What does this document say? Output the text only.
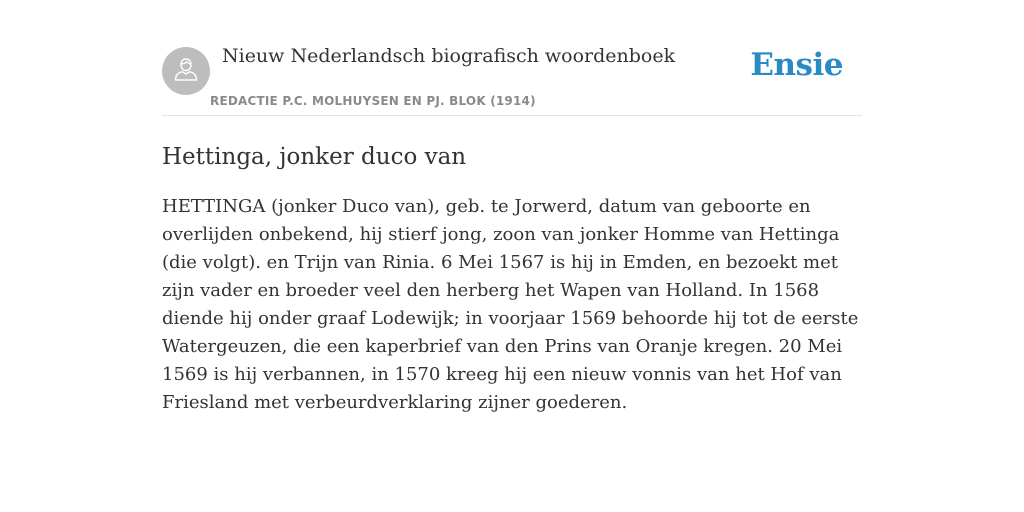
Nieuw Nederlandsch biografisch woordenboek
REDACTIE P.C. MOLHUYSEN EN PJ. BLOK (1914)
Ensie
Hettinga, jonker duco van

HETTINGA (jonker Duco van), geb. te Jorwerd, datum van geboorte en overlijden onbekend, hij stierf jong, zoon van jonker Homme van Hettinga (die volgt). en Trijn van Rinia. 6 Mei 1567 is hij in Emden, en bezoekt met zijn vader en broeder veel den herberg het Wapen van Holland. In 1568 diende hij onder graaf Lodewijk; in voorjaar 1569 behoorde hij tot de eerste Watergeuzen, die een kaperbrief van den Prins van Oranje kregen. 20 Mei 1569 is hij verbannen, in 1570 kreeg hij een nieuw vonnis van het Hof van Friesland met verbeurdverklaring zijner goederen.
